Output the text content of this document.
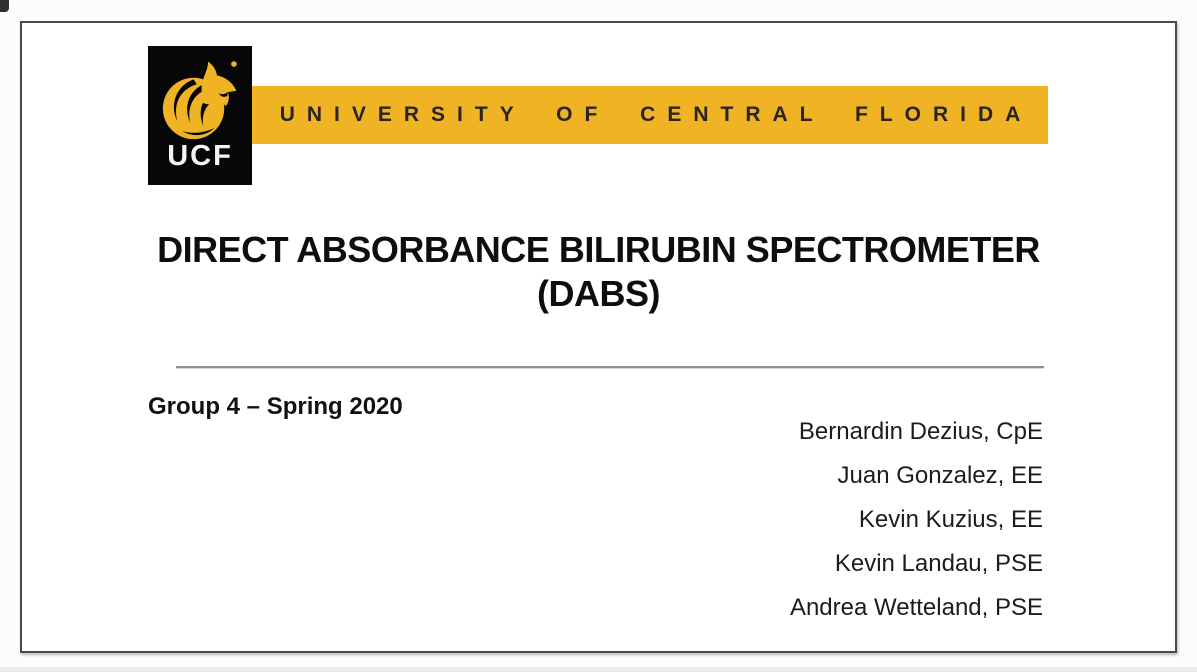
UCF
UNIVERSITY OF CENTRAL FLORIDA
DIRECT ABSORBANCE BILIRUBIN SPECTROMETER
(DABS)
Group 4 – Spring 2020
Bernardin Dezius, CpE
Juan Gonzalez, EE
Kevin Kuzius, EE
Kevin Landau, PSE
Andrea Wetteland, PSE
